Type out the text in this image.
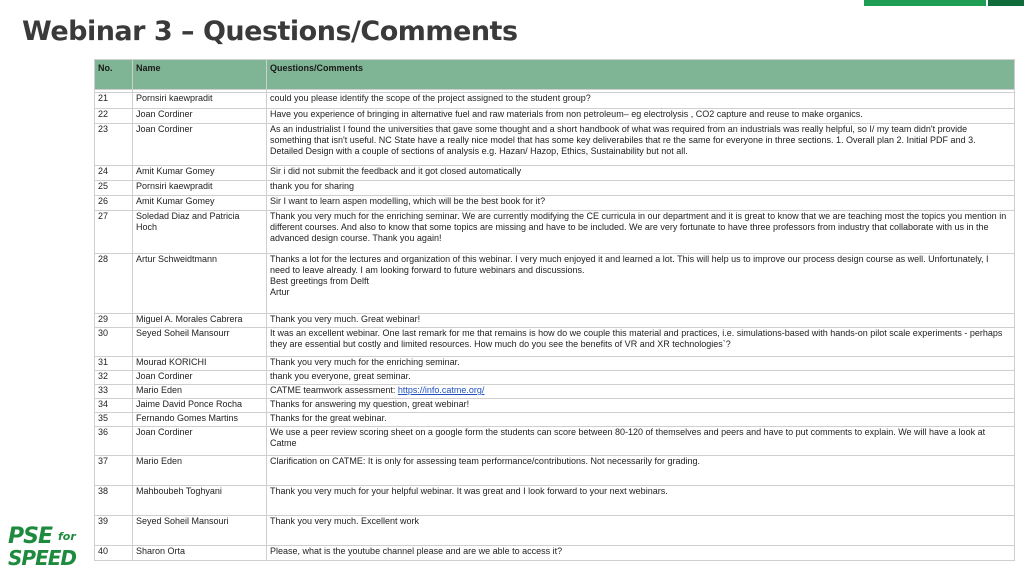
Webinar 3 – Questions/Comments
No.	Name	Questions/Comments

21	Pornsiri kaewpradit	could you please identify the scope of the project assigned to the student group?
22	Joan Cordiner	Have you experience of bringing in alternative fuel and raw materials from non petroleum– eg electrolysis , CO2 capture and reuse to make organics.
23	Joan Cordiner	As an industrialist I found the universities that gave some thought and a short handbook of what was required from an industrials was really helpful, so I/ my team didn't provide something that isn't useful. NC State have a really nice model that has some key deliverabiles that re the same for everyone in three sections. 1. Overall plan 2. Initial PDF and 3. Detailed Design with a couple of sections of analysis e.g. Hazan/ Hazop, Ethics, Sustainability but not all.
24	Amit Kumar Gomey	Sir i did not submit the feedback and it got closed automatically
25	Pornsiri kaewpradit	thank you for sharing
26	Amit Kumar Gomey	Sir I want to learn aspen modelling, which will be the best book for it?
27	Soledad Diaz and Patricia Hoch	Thank you very much for the enriching seminar. We are currently modifying the CE curricula in our department and it is great to know that we are teaching most the topics you mention in different courses. And also to know that some topics are missing and have to be included. We are very fortunate to have three professors from industry that collaborate with us in the advanced design course. Thank you again!
28	Artur Schweidtmann	Thanks a lot for the lectures and organization of this webinar. I very much enjoyed it and learned a lot. This will help us to improve our process design course as well. Unfortunately, I need to leave already. I am looking forward to future webinars and discussions.
Best greetings from Delft
Artur
29	Miguel A. Morales Cabrera	Thank you very much. Great webinar!
30	Seyed Soheil Mansourr	It was an excellent webinar. One last remark for me that remains is how do we couple this material and practices, i.e. simulations-based with hands-on pilot scale experiments - perhaps they are essential but costly and limited resources. How much do you see the benefits of VR and XR technologies`?
31	Mourad KORICHI	Thank you very much for the enriching seminar.
32	Joan Cordiner	thank you everyone, great seminar.
33	Mario Eden	CATME teamwork assessment: https://info.catme.org/
34	Jaime David Ponce Rocha	Thanks for answering my question, great webinar!
35	Fernando Gomes Martins	Thanks for the great webinar.
36	Joan Cordiner	We use a peer review scoring sheet on a google form the students can score between 80-120 of themselves and peers and have to put comments to explain. We will have a look at Catme
37	Mario Eden	Clarification on CATME: It is only for assessing team performance/contributions. Not necessarily for grading.
38	Mahboubeh Toghyani	Thank you very much for your helpful webinar. It was great and I look forward to your next webinars.
39	Seyed Soheil Mansouri	Thank you very much. Excellent work
40	Sharon Orta	Please, what is the youtube channel please and are we able to access it?
PSE for
SPEED
